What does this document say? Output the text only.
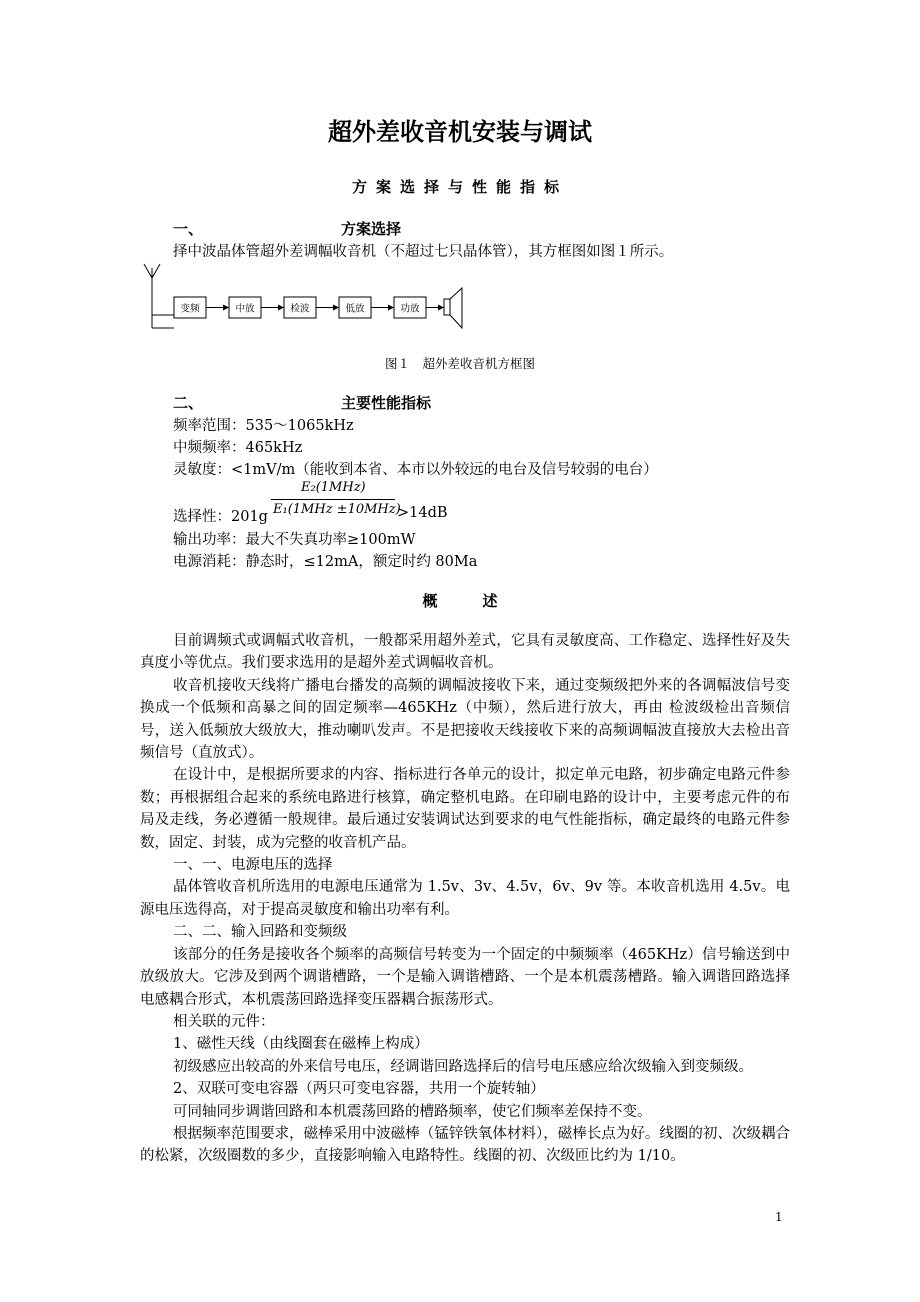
超外差收音机安装与调试
方案选择与性能指标
一、	方案选择
择中波晶体管超外差调幅收音机（不超过七只晶体管），其方框图如图１所示。
变频	中放	检波	低放	功放
图１　超外差收音机方框图
二、	主要性能指标
频率范围：535～1065kHz
中频频率：465kHz
灵敏度：<1mV/m（能收到本省、本市以外较远的电台及信号较弱的电台）
选择性：201g
E₂(1MHz)
E₁(1MHz ±10MHz)
>14dB
输出功率：最大不失真功率≥100mW
电源消耗：静态时，≤12mA，额定时约 80Ma
概　　　述

目前调频式或调幅式收音机，一般都采用超外差式，它具有灵敏度高、工作稳定、选择性好及失真度小等优点。我们要求选用的是超外差式调幅收音机。

收音机接收天线将广播电台播发的高频的调幅波接收下来，通过变频级把外来的各调幅波信号变换成一个低频和高暴之间的固定频率—465KHz（中频），然后进行放大，再由 检波级检出音频信号，送入低频放大级放大，推动喇叭发声。不是把接收天线接收下来的高频调幅波直接放大去检出音频信号（直放式）。

在设计中，是根据所要求的内容、指标进行各单元的设计，拟定单元电路，初步确定电路元件参数；再根据组合起来的系统电路进行核算，确定整机电路。在印刷电路的设计中，主要考虑元件的布局及走线，务必遵循一般规律。最后通过安装调试达到要求的电气性能指标，确定最终的电路元件参数，固定、封装，成为完整的收音机产品。

一、一、电源电压的选择

晶体管收音机所选用的电源电压通常为 1.5v、3v、4.5v，6v、9v 等。本收音机选用 4.5v。电源电压选得高，对于提高灵敏度和输出功率有利。

二、二、输入回路和变频级

该部分的任务是接收各个频率的高频信号转变为一个固定的中频频率（465KHz）信号输送到中放级放大。它涉及到两个调谐槽路，一个是输入调谐槽路、一个是本机震荡槽路。输入调谐回路选择电感耦合形式，本机震荡回路选择变压器耦合振荡形式。

相关联的元件：

1、磁性天线（由线圈套在磁棒上构成）

初级感应出较高的外来信号电压，经调谐回路选择后的信号电压感应给次级输入到变频级。

2、双联可变电容器（两只可变电容器，共用一个旋转轴）

可同轴同步调谐回路和本机震荡回路的槽路频率，使它们频率差保持不变。

根据频率范围要求，磁棒采用中波磁棒（锰锌铁氧体材料），磁棒长点为好。线圈的初、次级耦合的松紧，次级圈数的多少，直接影响输入电路特性。线圈的初、次级匝比约为 1/10。

1
